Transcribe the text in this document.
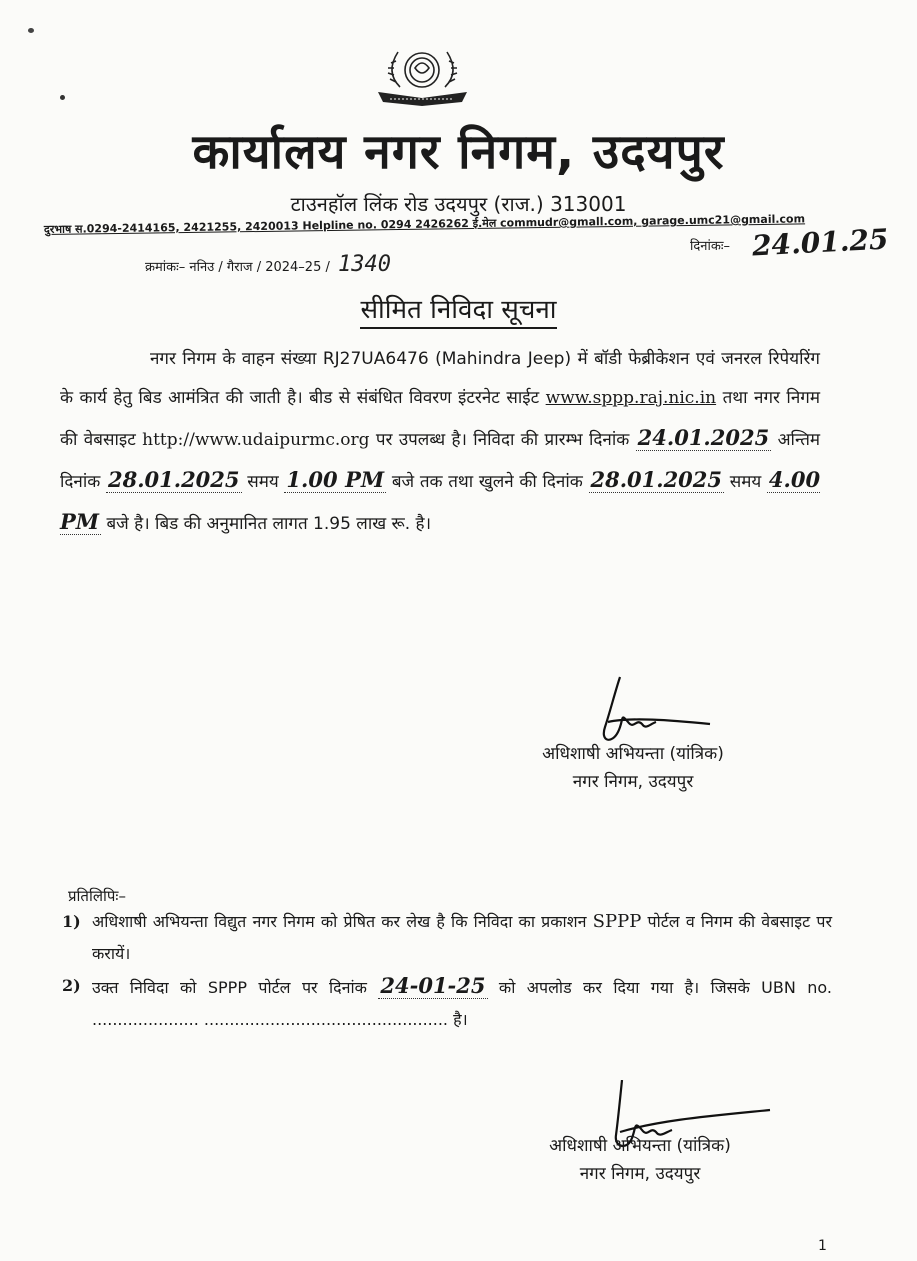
कार्यालय नगर निगम, उदयपुर
टाउनहॉल लिंक रोड उदयपुर (राज.) 313001
दुरभाष स.0294-2414165, 2421255, 2420013 Helpline no. 0294 2426262 ई.मेल commudr@gmall.com, garage.umc21@gmail.com
क्रमांकः– ननिउ / गैराज / 2024–25 / 1340
दिनांकः– 24.01.25
सीमित निविदा सूचना

नगर निगम के वाहन संख्या RJ27UA6476 (Mahindra Jeep) में बॉडी फेब्रीकेशन एवं जनरल रिपेयरिंग के कार्य हेतु बिड आमंत्रित की जाती है। बीड से संबंधित विवरण इंटरनेट साईट www.sppp.raj.nic.in तथा नगर निगम की वेबसाइट http://www.udaipurmc.org पर उपलब्ध है। निविदा की प्रारम्भ दिनांक 24.01.2025 अन्तिम दिनांक 28.01.2025 समय 1.00 PM बजे तक तथा खुलने की दिनांक 28.01.2025 समय 4.00 PM बजे है। बिड की अनुमानित लागत 1.95 लाख रू. है।

अधिशाषी अभियन्ता (यांत्रिक)
नगर निगम, उदयपुर
प्रतिलिपिः–
1) अधिशाषी अभियन्ता विद्युत नगर निगम को प्रेषित कर लेख है कि निविदा का प्रकाशन SPPP पोर्टल व निगम की वेबसाइट पर करायें।
2) उक्त निविदा को SPPP पोर्टल पर दिनांक 24-01-25 को अपलोड कर दिया गया है। जिसके UBN no. ..................... ................................................ है।
अधिशाषी अभियन्ता (यांत्रिक)
नगर निगम, उदयपुर
1
